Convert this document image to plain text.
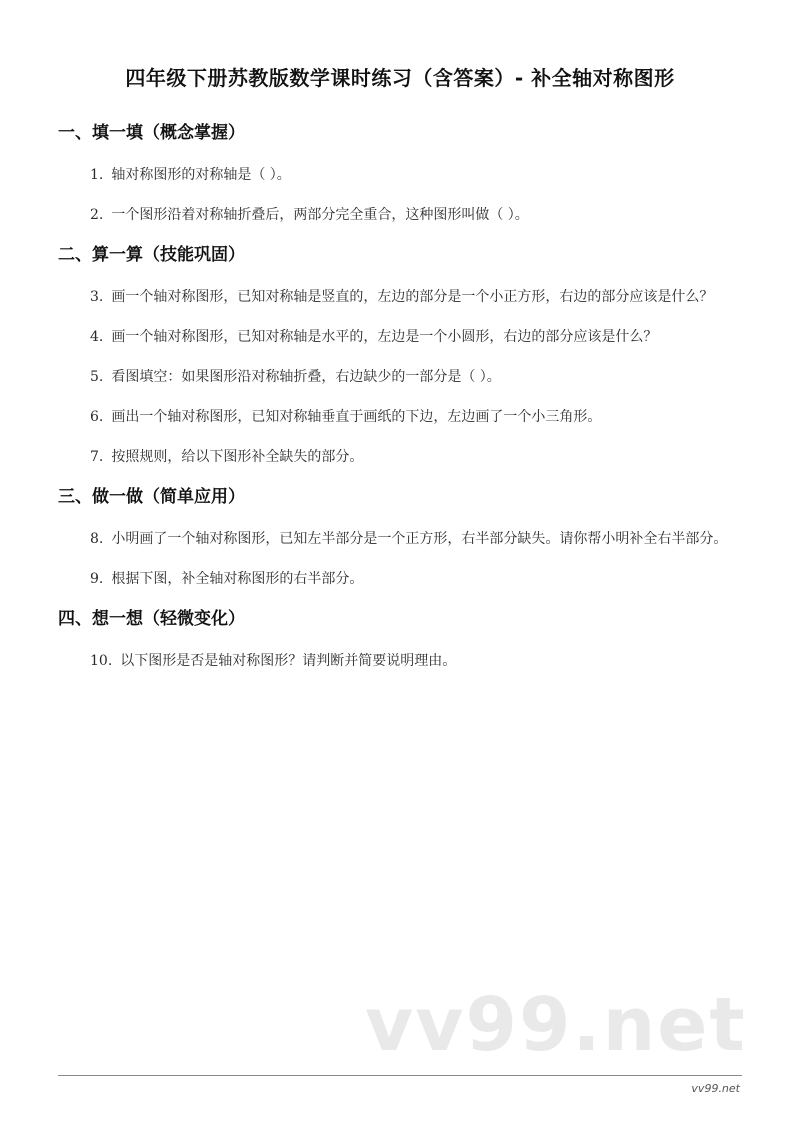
四年级下册苏教版数学课时练习（含答案）- 补全轴对称图形
一、填一填（概念掌握）

1. 轴对称图形的对称轴是（ ）。

2. 一个图形沿着对称轴折叠后，两部分完全重合，这种图形叫做（ ）。

二、算一算（技能巩固）

3. 画一个轴对称图形，已知对称轴是竖直的，左边的部分是一个小正方形，右边的部分应该是什么？

4. 画一个轴对称图形，已知对称轴是水平的，左边是一个小圆形，右边的部分应该是什么？

5. 看图填空：如果图形沿对称轴折叠，右边缺少的一部分是（ ）。

6. 画出一个轴对称图形，已知对称轴垂直于画纸的下边，左边画了一个小三角形。

7. 按照规则，给以下图形补全缺失的部分。

三、做一做（简单应用）

8. 小明画了一个轴对称图形，已知左半部分是一个正方形，右半部分缺失。请你帮小明补全右半部分。

9. 根据下图，补全轴对称图形的右半部分。

四、想一想（轻微变化）

10. 以下图形是否是轴对称图形？请判断并简要说明理由。

vv99.net
vv99.net
